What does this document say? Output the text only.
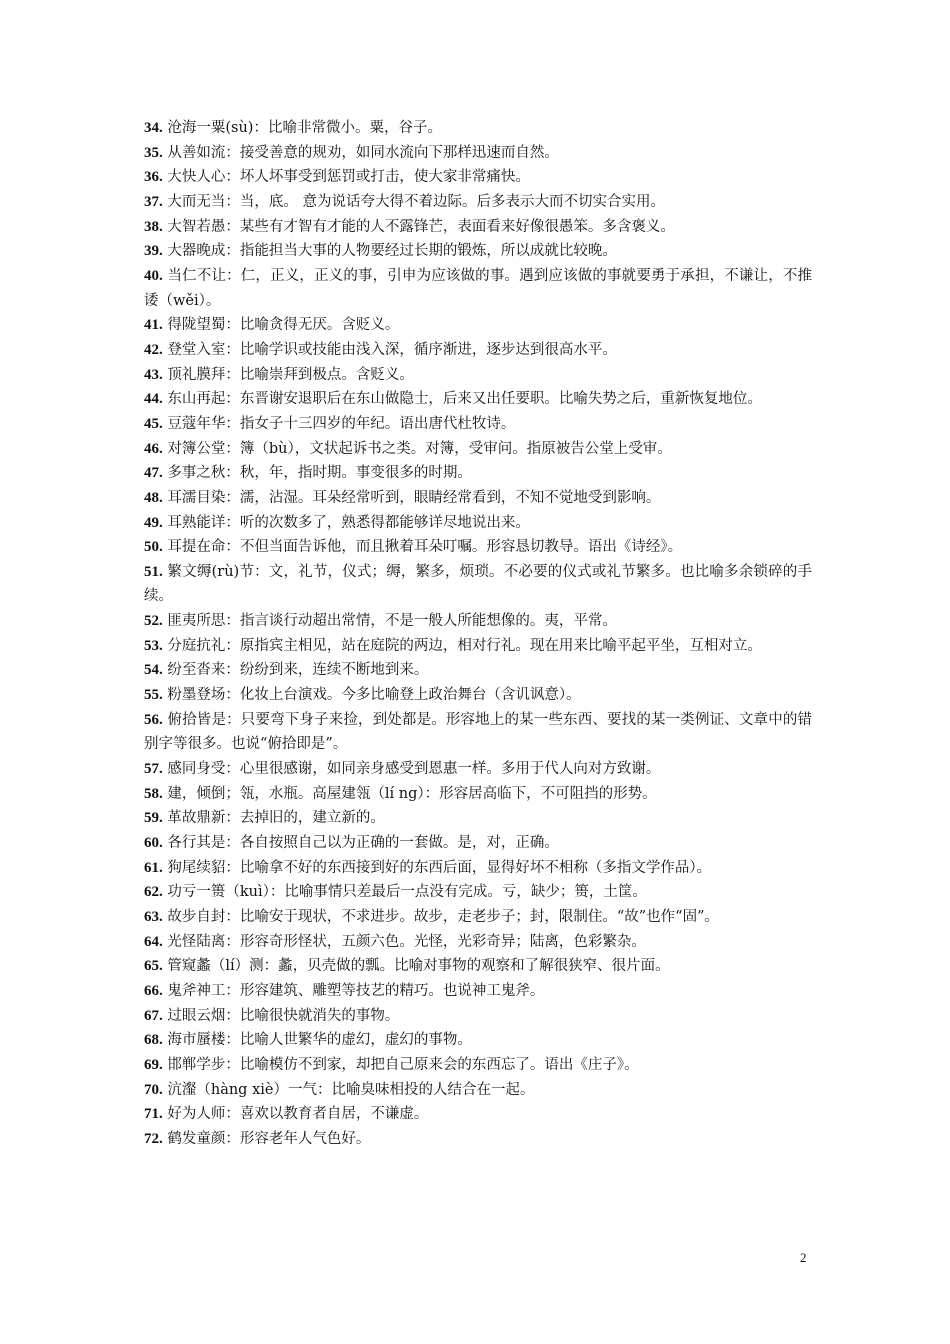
34. 沧海一粟(sù)：比喻非常微小。粟，谷子。

35. 从善如流：接受善意的规劝，如同水流向下那样迅速而自然。

36. 大快人心：坏人坏事受到惩罚或打击，使大家非常痛快。

37. 大而无当：当，底。 意为说话夸大得不着边际。后多表示大而不切实合实用。

38. 大智若愚：某些有才智有才能的人不露锋芒，表面看来好像很愚笨。多含褒义。

39. 大器晚成：指能担当大事的人物要经过长期的锻炼，所以成就比较晚。

40. 当仁不让：仁，正义，正义的事，引申为应该做的事。遇到应该做的事就要勇于承担，不谦让，不推诿（wěi）。

41. 得陇望蜀：比喻贪得无厌。含贬义。

42. 登堂入室：比喻学识或技能由浅入深，循序渐进，逐步达到很高水平。

43. 顶礼膜拜：比喻崇拜到极点。含贬义。

44. 东山再起：东晋谢安退职后在东山做隐士，后来又出任要职。比喻失势之后，重新恢复地位。

45. 豆蔻年华：指女子十三四岁的年纪。语出唐代杜牧诗。

46. 对簿公堂：簿（bù），文状起诉书之类。对簿，受审问。指原被告公堂上受审。

47. 多事之秋：秋，年，指时期。事变很多的时期。

48. 耳濡目染：濡，沾湿。耳朵经常听到，眼睛经常看到，不知不觉地受到影响。

49. 耳熟能详：听的次数多了，熟悉得都能够详尽地说出来。

50. 耳提在命：不但当面告诉他，而且揪着耳朵叮嘱。形容恳切教导。语出《诗经》。

51. 繁文缛(rù)节：文，礼节，仪式；缛，繁多，烦琐。不必要的仪式或礼节繁多。也比喻多余锁碎的手续。

52. 匪夷所思：指言谈行动超出常情，不是一般人所能想像的。夷，平常。

53. 分庭抗礼：原指宾主相见，站在庭院的两边，相对行礼。现在用来比喻平起平坐，互相对立。

54. 纷至沓来：纷纷到来，连续不断地到来。

55. 粉墨登场：化妆上台演戏。今多比喻登上政治舞台（含讥讽意）。

56. 俯拾皆是：只要弯下身子来捡，到处都是。形容地上的某一些东西、要找的某一类例证、文章中的错别字等很多。也说“俯拾即是”。

57. 感同身受：心里很感谢，如同亲身感受到恩惠一样。多用于代人向对方致谢。

58. 建，倾倒；瓴，水瓶。高屋建瓴（lí ng）：形容居高临下，不可阻挡的形势。

59. 革故鼎新：去掉旧的，建立新的。

60. 各行其是：各自按照自己以为正确的一套做。是，对，正确。

61. 狗尾续貂：比喻拿不好的东西接到好的东西后面，显得好坏不相称（多指文学作品）。

62. 功亏一篑（kuì）：比喻事情只差最后一点没有完成。亏，缺少；篑，土筐。

63. 故步自封：比喻安于现状，不求进步。故步，走老步子；封，限制住。“故”也作“固”。

64. 光怪陆离：形容奇形怪状，五颜六色。光怪，光彩奇异；陆离，色彩繁杂。

65. 管窥蠡（lí）测：蠡，贝壳做的瓢。比喻对事物的观察和了解很狭窄、很片面。

66. 鬼斧神工：形容建筑、雕塑等技艺的精巧。也说神工鬼斧。

67. 过眼云烟：比喻很快就消失的事物。

68. 海市蜃楼：比喻人世繁华的虚幻，虚幻的事物。

69. 邯郸学步：比喻模仿不到家，却把自己原来会的东西忘了。语出《庄子》。

70. 沆瀣（hàng xiè）一气：比喻臭味相投的人结合在一起。

71. 好为人师：喜欢以教育者自居，不谦虚。

72. 鹤发童颜：形容老年人气色好。

2
